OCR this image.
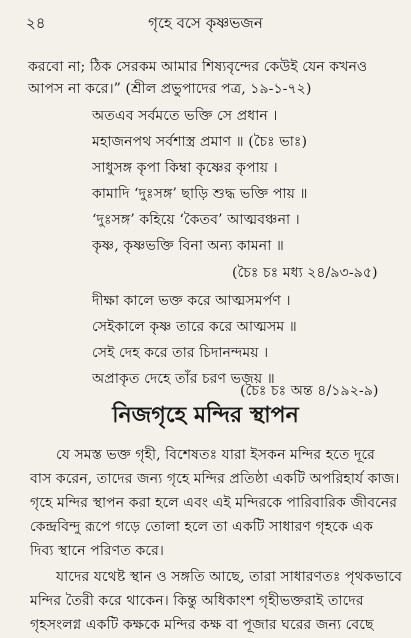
২৪	গৃহে বসে কৃষ্ণভজন
করবো না; ঠিক সেরকম আমার শিষ্যবৃন্দের কেউই যেন কখনও
আপস না করে।” (শ্রীল প্রভুপাদের পত্র, ১৯-১-৭২)
অতএব সর্বমতে ভক্তি সে প্রধান ।
মহাজনপথ সর্বশাস্ত্র প্রমাণ ॥ (চৈঃ ভাঃ)
সাধুসঙ্গ কৃপা কিম্বা কৃষ্ণের কৃপায় ।
কামাদি ‘দুঃসঙ্গ’ ছাড়ি শুদ্ধ ভক্তি পায় ॥
‘দুঃসঙ্গ’ কহিয়ে ‘কৈতব’ আত্মবঞ্চনা ।
কৃষ্ণ, কৃষ্ণভক্তি বিনা অন্য কামনা ॥
(চৈঃ চঃ মধ্য ২৪/৯৩-৯৫)
দীক্ষা কালে ভক্ত করে আত্মসমর্পণ ।
সেইকালে কৃষ্ণ তারে করে আত্মসম ॥
সেই দেহ করে তার চিদানন্দময় ।
অপ্রাকৃত দেহে তাঁর চরণ ভজয় ॥
(চৈঃ চঃ অন্ত ৪/১৯২-৯)
নিজগৃহে মন্দির স্থাপন
যে সমস্ত ভক্ত গৃহী, বিশেষতঃ যারা ইসকন মন্দির হতে দূরে
বাস করেন, তাদের জন্য গৃহে মন্দির প্রতিষ্ঠা একটি অপরিহার্য কাজ।
গৃহে মন্দির স্থাপন করা হলে এবং এই মন্দিরকে পারিবারিক জীবনের
কেন্দ্রবিন্দু রূপে গড়ে তোলা হলে তা একটি সাধারণ গৃহকে এক
দিব্য স্থানে পরিণত করে।
যাদের যথেষ্ট স্থান ও সঙ্গতি আছে, তারা সাধারণতঃ পৃথকভাবে
মন্দির তৈরী করে থাকেন। কিন্তু অধিকাংশ গৃহীভক্তরাই তাদের
গৃহসংলগ্ন একটি কক্ষকে মন্দির কক্ষ বা পূজার ঘরের জন্য বেছে
